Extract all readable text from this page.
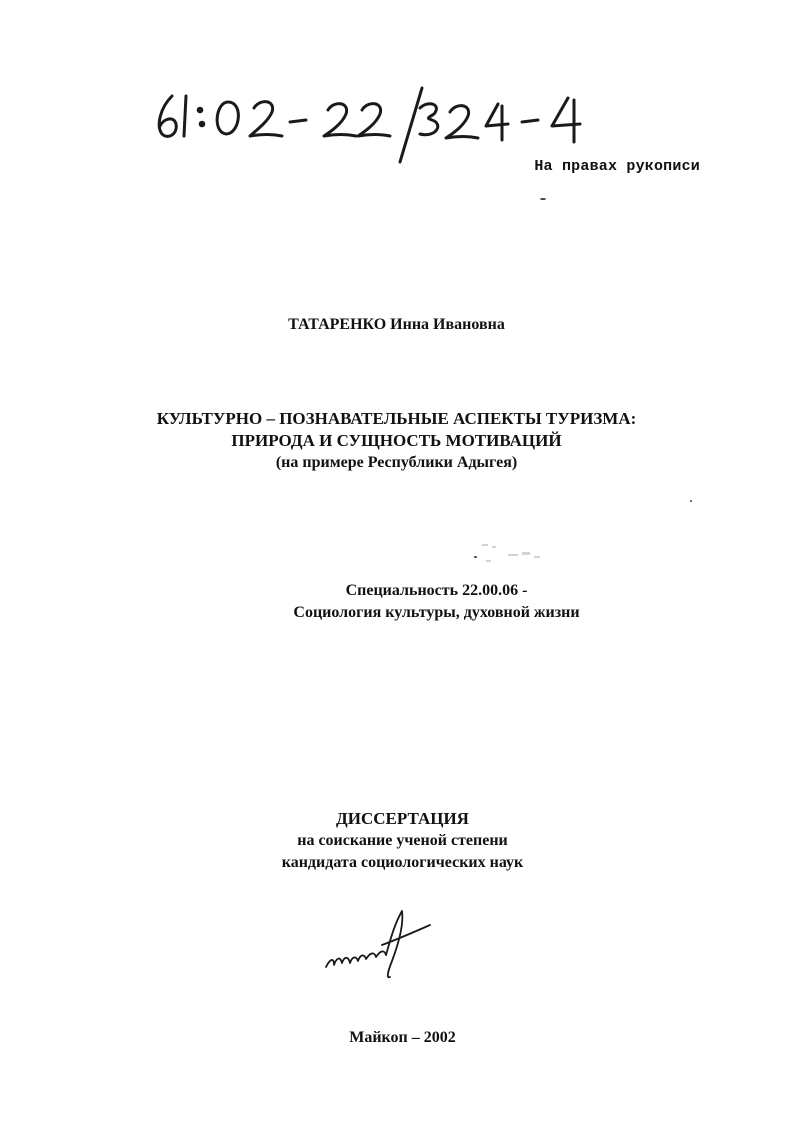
На правах рукописи
ТАТАРЕНКО Инна Ивановна
КУЛЬТУРНО – ПОЗНАВАТЕЛЬНЫЕ АСПЕКТЫ ТУРИЗМА:
ПРИРОДА И СУЩНОСТЬ МОТИВАЦИЙ
(на примере Республики Адыгея)
Специальность 22.00.06 -
Социология культуры, духовной жизни
ДИССЕРТАЦИЯ
на соискание ученой степени
кандидата социологических наук
Майкоп – 2002
